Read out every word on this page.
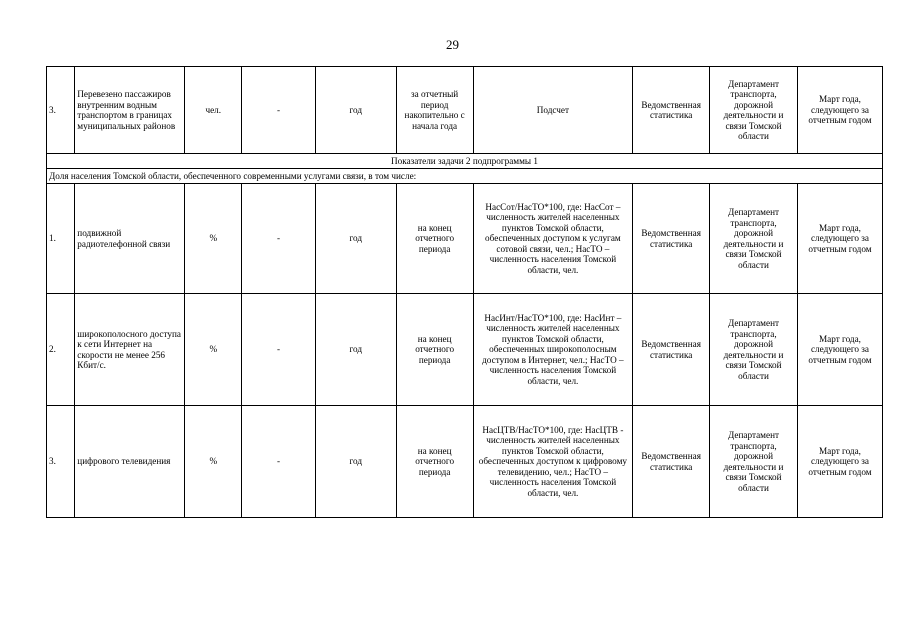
29
3.	Перевезено пассажиров внутренним водным транспортом в границах муниципальных районов	чел.	-	год	за отчетный период накопительно с начала года	Подсчет	Ведомственная статистика	Департамент транспорта, дорожной деятельности и связи Томской области	Март года, следующего за отчетным годом
Показатели задачи 2 подпрограммы 1									
Доля населения Томской области, обеспеченного современными услугами связи, в том числе:									
1.	подвижной радиотелефонной связи	%	-	год	на конец отчетного периода	НасСот/НасТО*100, где: НасСот – численность жителей населенных пунктов Томской области, обеспеченных доступом к услугам сотовой связи, чел.; НасТО – численность населения Томской области, чел.	Ведомственная статистика	Департамент транспорта, дорожной деятельности и связи Томской области	Март года, следующего за отчетным годом
2.	широкополосного доступа к сети Интернет на скорости не менее 256 Кбит/с.	%	-	год	на конец отчетного периода	НасИнт/НасТО*100, где: НасИнт – численность жителей населенных пунктов Томской области, обеспеченных широкополосным доступом в Интернет, чел.; НасТО – численность населения Томской области, чел.	Ведомственная статистика	Департамент транспорта, дорожной деятельности и связи Томской области	Март года, следующего за отчетным годом
3.	цифрового телевидения	%	-	год	на конец отчетного периода	НасЦТВ/НасТО*100, где: НасЦТВ - численность жителей населенных пунктов Томской области, обеспеченных доступом к цифровому телевидению, чел.; НасТО – численность населения Томской области, чел.	Ведомственная статистика	Департамент транспорта, дорожной деятельности и связи Томской области	Март года, следующего за отчетным годом
